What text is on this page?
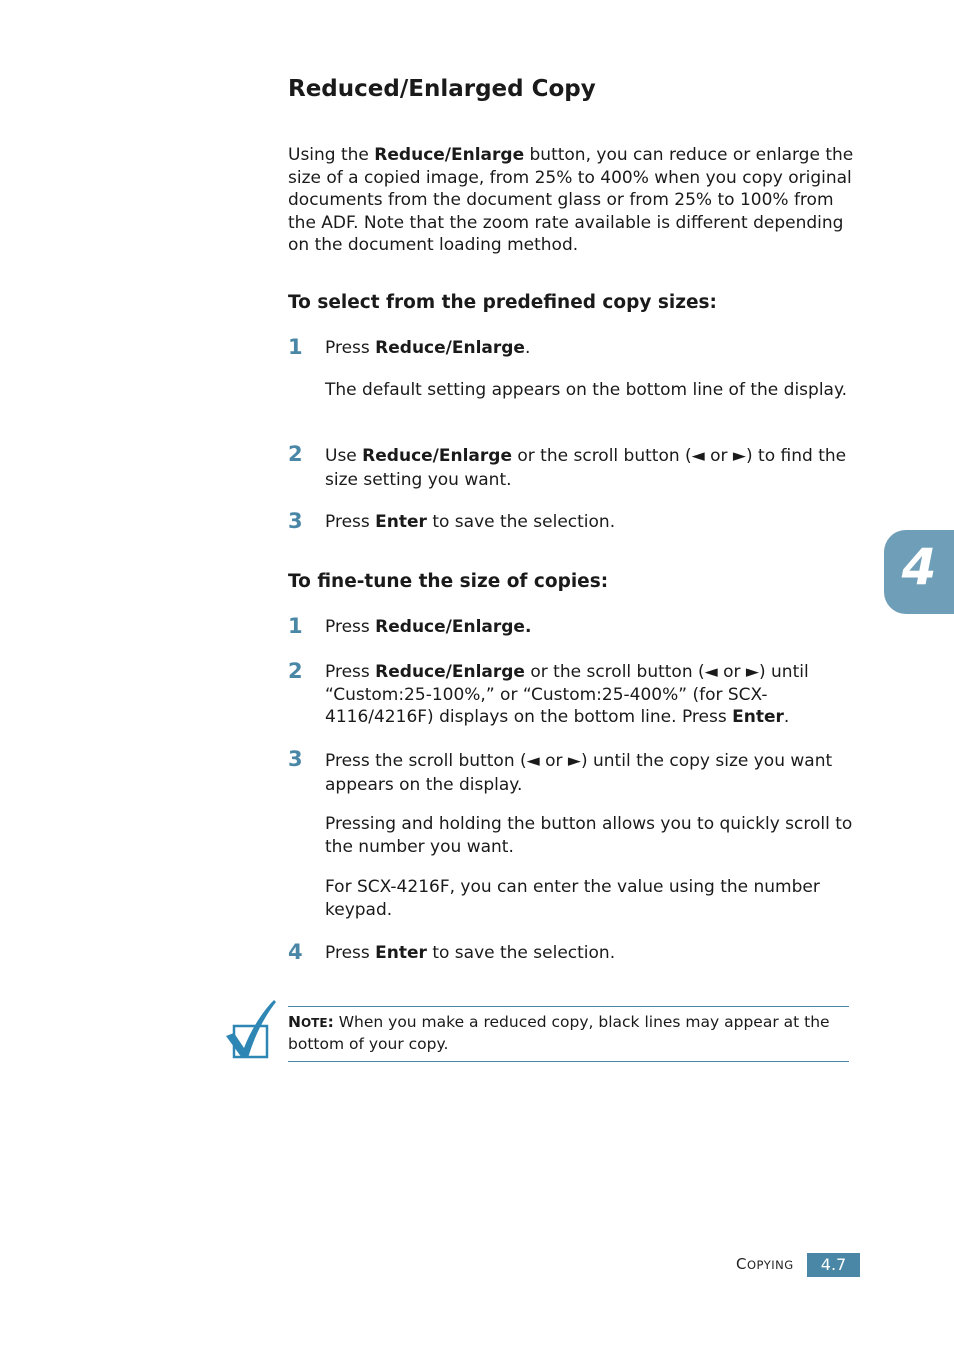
Reduced/Enlarged Copy
Using the Reduce/Enlarge button, you can reduce or enlarge the size of a copied image, from 25% to 400% when you copy original documents from the document glass or from 25% to 100% from the ADF. Note that the zoom rate available is different depending on the document loading method.
To select from the predefined copy sizes:
1 Press Reduce/Enlarge.
The default setting appears on the bottom line of the display.
2 Use Reduce/Enlarge or the scroll button (◄ or ►) to find the size setting you want.
3 Press Enter to save the selection.
4
To fine-tune the size of copies:
1 Press Reduce/Enlarge.
2 Press Reduce/Enlarge or the scroll button (◄ or ►) until “Custom:25-100%,” or “Custom:25-400%” (for SCX-4116/4216F) displays on the bottom line. Press Enter.
3 Press the scroll button (◄ or ►) until the copy size you want appears on the display.
Pressing and holding the button allows you to quickly scroll to the number you want.
For SCX-4216F, you can enter the value using the number keypad.
4 Press Enter to save the selection.
NOTE: When you make a reduced copy, black lines may appear at the bottom of your copy.
COPYING	4.7
